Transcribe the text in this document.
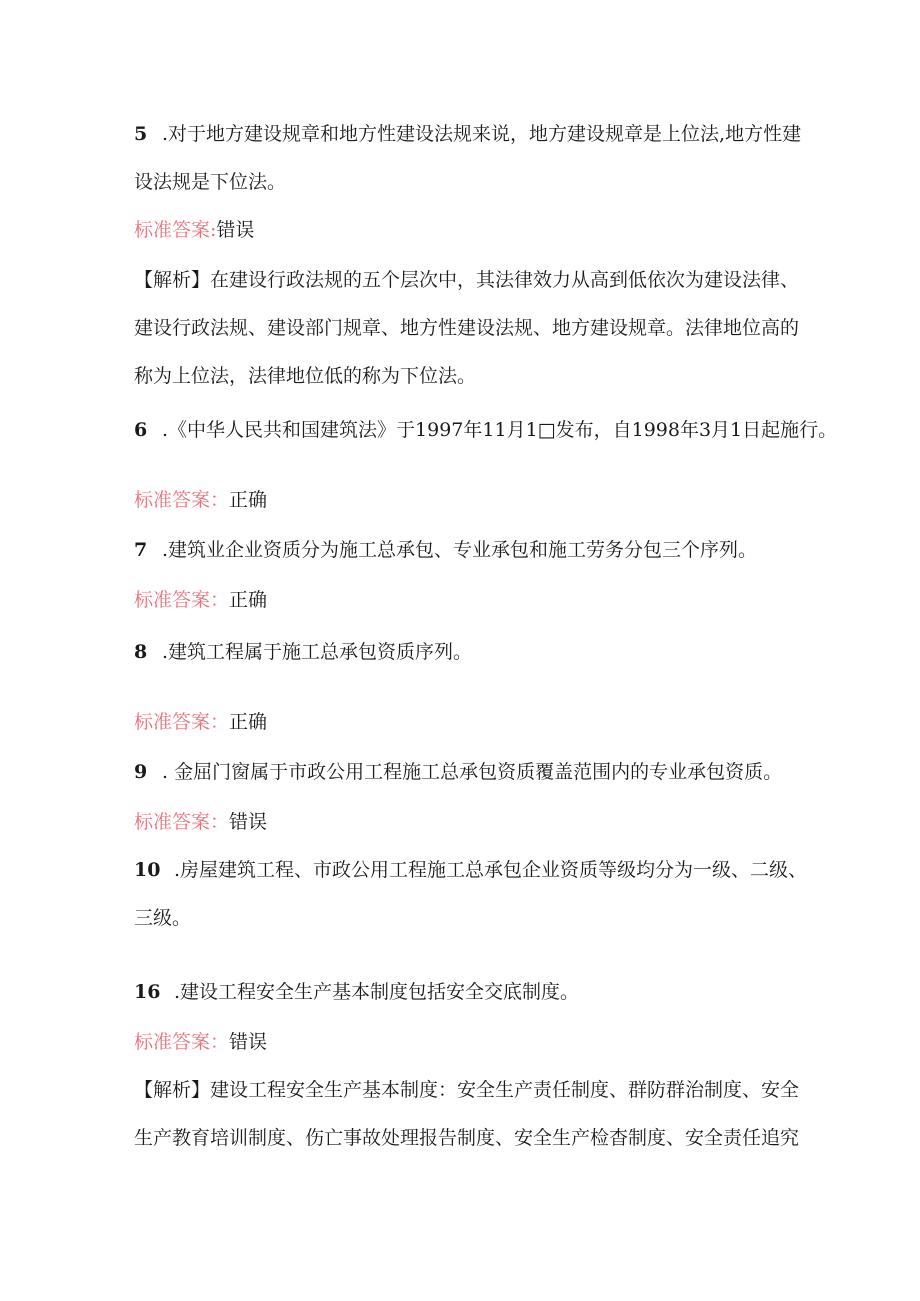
5 .对于地方建设规章和地方性建设法规来说，地方建设规章是上位法,地方性建
设法规是下位法。
标准答案:错误
【解析】在建设行政法规的五个层次中，其法律效力从高到低依次为建设法律、
建设行政法规、建设部门规章、地方性建设法规、地方建设规章。法律地位高的
称为上位法，法律地位低的称为下位法。
6 .《中华人民共和国建筑法》于1997年11月1□发布，自1998年3月1日起施行。
标准答案：正确
7 .建筑业企业资质分为施工总承包、专业承包和施工劳务分包三个序列。
标准答案：正确
8 .建筑工程属于施工总承包资质序列。
标准答案：正确
9 . 金屈门窗属于市政公用工程施工总承包资质覆盖范围内的专业承包资质。
标准答案：错误
10 .房屋建筑工程、市政公用工程施工总承包企业资质等级均分为一级、二级、
三级。
16 .建设工程安全生产基本制度包括安全交底制度。
标准答案：错误
【解析】建设工程安全生产基本制度：安全生产责任制度、群防群治制度、安全
生产教育培训制度、伤亡事故处理报告制度、安全生产检杳制度、安全责任追究
